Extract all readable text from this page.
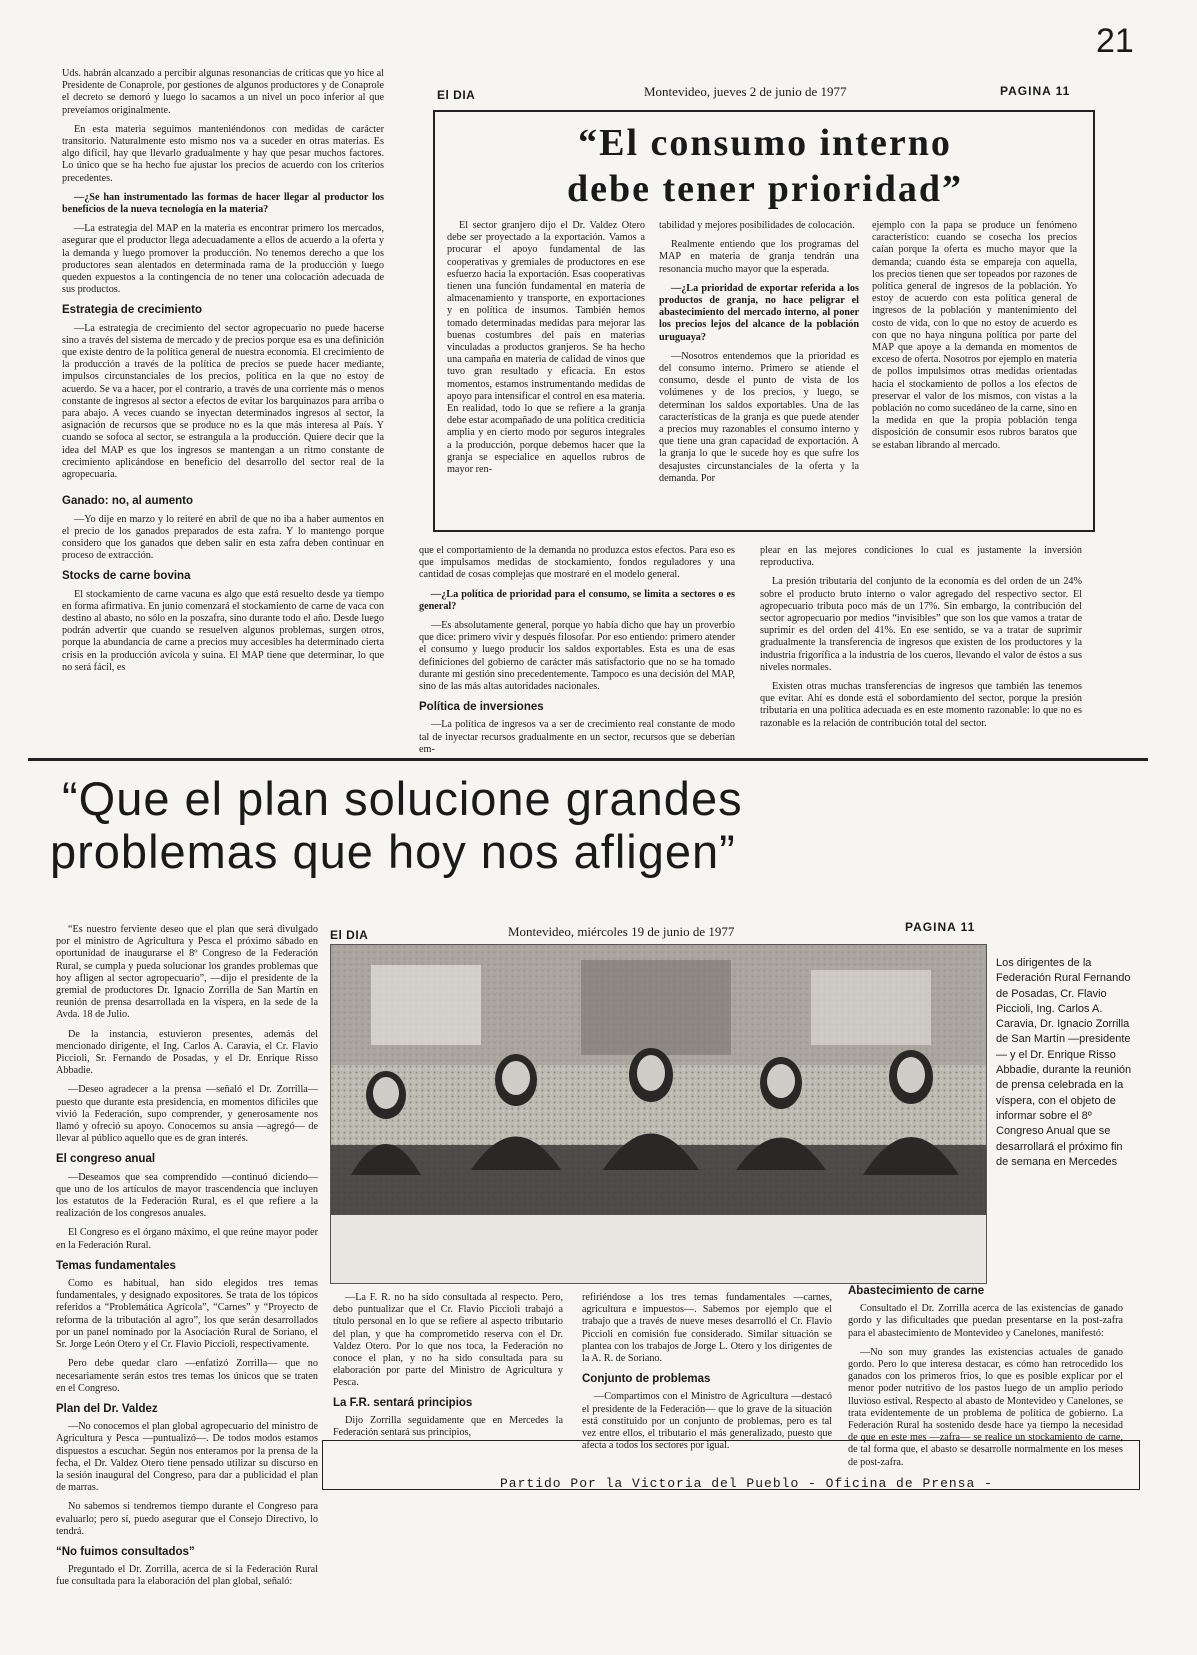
21

Uds. habrán alcanzado a percibir algunas resonancias de críticas que yo hice al Presidente de Conaprole, por gestiones de algunos productores y de Conaprole el decreto se demoró y luego lo sacamos a un nivel un poco inferior al que preveíamos originalmente.

En esta materia seguimos manteniéndonos con medidas de carácter transitorio. Naturalmente esto mismo nos va a suceder en otras materias. Es algo difícil, hay que llevarlo gradualmente y hay que pesar muchos factores. Lo único que se ha hecho fue ajustar los precios de acuerdo con los criterios precedentes.

—¿Se han instrumentado las formas de hacer llegar al productor los beneficios de la nueva tecnología en la materia?

—La estrategia del MAP en la materia es encontrar primero los mercados, asegurar que el productor llega adecuadamente a ellos de acuerdo a la oferta y la demanda y luego promover la producción. No tenemos derecho a que los productores sean alentados en determinada rama de la producción y luego queden expuestos a la contingencia de no tener una colocación adecuada de sus productos.

Estrategia de crecimiento

—La estrategia de crecimiento del sector agropecuario no puede hacerse sino a través del sistema de mercado y de precios porque esa es una definición que existe dentro de la política general de nuestra economía. El crecimiento de la producción a través de la política de precios se puede hacer mediante, impulsos circunstanciales de los precios, política en la que no estoy de acuerdo. Se va a hacer, por el contrario, a través de una corriente más o menos constante de ingresos al sector a efectos de evitar los barquinazos para arriba o para abajo. A veces cuando se inyectan determinados ingresos al sector, la asignación de recursos que se produce no es la que más interesa al País. Y cuando se sofoca al sector, se estrangula a la producción. Quiere decir que la idea del MAP es que los ingresos se mantengan a un ritmo constante de crecimiento aplicándose en beneficio del desarrollo del sector real de la agropecuaria.

Ganado: no, al aumento

—Yo dije en marzo y lo reiteré en abril de que no iba a haber aumentos en el precio de los ganados preparados de esta zafra. Y lo mantengo porque considero que los ganados que deben salir en esta zafra deben continuar en proceso de extracción.

Stocks de carne bovina

El stockamiento de carne vacuna es algo que está resuelto desde ya tiempo en forma afirmativa. En junio comenzará el stockamiento de carne de vaca con destino al abasto, no sólo en la poszafra, sino durante todo el año. Desde luego podrán advertir que cuando se resuelven algunos problemas, surgen otros, porque la abundancia de carne a precios muy accesibles ha determinado cierta crisis en la producción avícola y suina. El MAP tiene que determinar, lo que no será fácil, es

El DIA	Montevideo, jueves 2 de junio de 1977	PAGINA 11
“El consumo interno
debe tener prioridad”

El sector granjero dijo el Dr. Valdez Otero debe ser proyectado a la exportación. Vamos a procurar el apoyo fundamental de las cooperativas y gremiales de productores en ese esfuerzo hacia la exportación. Esas cooperativas tienen una función fundamental en materia de almacenamiento y transporte, en exportaciones y en política de insumos. También hemos tomado determinadas medidas para mejorar las buenas costumbres del país en materias vinculadas a productos granjeros. Se ha hecho una campaña en materia de calidad de vinos que tuvo gran resultado y eficacia. En estos momentos, estamos instrumentando medidas de apoyo para intensificar el control en esa materia. En realidad, todo lo que se refiere a la granja debe estar acompañado de una política crediticia amplia y en cierto modo por seguros integrales a la producción, porque debemos hacer que la granja se especialice en aquellos rubros de mayor ren-

tabilidad y mejores posibilidades de colocación.

Realmente entiendo que los programas del MAP en materia de granja tendrán una resonancia mucho mayor que la esperada.

—¿La prioridad de exportar referida a los productos de granja, no hace peligrar el abastecimiento del mercado interno, al poner los precios lejos del alcance de la población uruguaya?

—Nosotros entendemos que la prioridad es del consumo interno. Primero se atiende el consumo, desde el punto de vista de los volúmenes y de los precios, y luego, se determinan los saldos exportables. Una de las características de la granja es que puede atender a precios muy razonables el consumo interno y que tiene una gran capacidad de exportación. A la granja lo que le sucede hoy es que sufre los desajustes circunstanciales de la oferta y la demanda. Por

ejemplo con la papa se produce un fenómeno característico: cuando se cosecha los precios caían porque la oferta es mucho mayor que la demanda; cuando ésta se empareja con aquella, los precios tienen que ser topeados por razones de política general de ingresos de la población. Yo estoy de acuerdo con esta política general de ingresos de la población y mantenimiento del costo de vida, con lo que no estoy de acuerdo es con que no haya ninguna política por parte del MAP que apoye a la demanda en momentos de exceso de oferta. Nosotros por ejemplo en materia de pollos impulsimos otras medidas orientadas hacia el stockamiento de pollos a los efectos de preservar el valor de los mismos, con vistas a la población no como sucedáneo de la carne, sino en la medida en que la propia población tenga disposición de consumir esos rubros baratos que se estaban librando al mercado.

que el comportamiento de la demanda no produzca estos efectos. Para eso es que impulsamos medidas de stockamiento, fondos reguladores y una cantidad de cosas complejas que mostraré en el modelo general.

—¿La política de prioridad para el consumo, se limita a sectores o es general?

—Es absolutamente general, porque yo había dicho que hay un proverbio que dice: primero vivir y después filosofar. Por eso entiendo: primero atender el consumo y luego producir los saldos exportables. Esta es una de esas definiciones del gobierno de carácter más satisfactorio que no se ha tomado durante mi gestión sino precedentemente. Tampoco es una decisión del MAP, sino de las más altas autoridades nacionales.

Política de inversiones

—La política de ingresos va a ser de crecimiento real constante de modo tal de inyectar recursos gradualmente en un sector, recursos que se deberían em-

plear en las mejores condiciones lo cual es justamente la inversión reproductiva.

La presión tributaria del conjunto de la economía es del orden de un 24% sobre el producto bruto interno o valor agregado del respectivo sector. El agropecuario tributa poco más de un 17%. Sin embargo, la contribución del sector agropecuario por medios “invisibles” que son los que vamos a tratar de suprimir es del orden del 41%. En ese sentido, se va a tratar de suprimir gradualmente la transferencia de ingresos que existen de los productores y la industria frigorífica a la industria de los cueros, llevando el valor de éstos a sus niveles normales.

Existen otras muchas transferencias de ingresos que también las tenemos que evitar. Ahí es donde está el sobordamiento del sector, porque la presión tributaria en una política adecuada es en este momento razonable: lo que no es razonable es la relación de contribución total del sector.

“Que el plan solucione grandes
problemas que hoy nos afligen”
El DIA	Montevideo, miércoles 19 de junio de 1977	PAGINA 11

“Es nuestro ferviente deseo que el plan que será divulgado por el ministro de Agricultura y Pesca el próximo sábado en oportunidad de inaugurarse el 8º Congreso de la Federación Rural, se cumpla y pueda solucionar los grandes problemas que hoy afligen al sector agropecuario”, —dijo el presidente de la gremial de productores Dr. Ignacio Zorrilla de San Martín en reunión de prensa desarrollada en la víspera, en la sede de la Avda. 18 de Julio.

De la instancia, estuvieron presentes, además del mencionado dirigente, el Ing. Carlos A. Caravia, el Cr. Flavio Piccioli, Sr. Fernando de Posadas, y el Dr. Enrique Risso Abbadie.

—Deseo agradecer a la prensa —señaló el Dr. Zorrilla— puesto que durante esta presidencia, en momentos difíciles que vivió la Federación, supo comprender, y generosamente nos llamó y ofreció su apoyo. Conocemos su ansia —agregó— de llevar al público aquello que es de gran interés.

El congreso anual

—Deseamos que sea comprendido —continuó diciendo— que uno de los artículos de mayor trascendencia que incluyen los estatutos de la Federación Rural, es el que refiere a la realización de los congresos anuales.

El Congreso es el órgano máximo, el que reúne mayor poder en la Federación Rural.

Temas fundamentales

Como es habitual, han sido elegidos tres temas fundamentales, y designado expositores. Se trata de los tópicos referidos a “Problemática Agrícola”, “Carnes” y “Proyecto de reforma de la tributación al agro”, los que serán desarrollados por un panel nominado por la Asociación Rural de Soriano, el Sr. Jorge León Otero y el Cr. Flavio Piccioli, respectivamente.

Pero debe quedar claro —enfatizó Zorrilla— que no necesariamente serán estos tres temas los únicos que se traten en el Congreso.

Plan del Dr. Valdez

—No conocemos el plan global agropecuario del ministro de Agricultura y Pesca —puntualizó—. De todos modos estamos dispuestos a escuchar. Según nos enteramos por la prensa de la fecha, el Dr. Valdez Otero tiene pensado utilizar su discurso en la sesión inaugural del Congreso, para dar a publicidad el plan de marras.

No sabemos si tendremos tiempo durante el Congreso para evaluarlo; pero sí, puedo asegurar que el Consejo Directivo, lo tendrá.

“No fuimos consultados”

Preguntado el Dr. Zorrilla, acerca de si la Federación Rural fue consultada para la elaboración del plan global, señaló:

Los dirigentes de la Federación Rural Fernando de Posadas, Cr. Flavio Piccioli, Ing. Carlos A. Caravia, Dr. Ignacio Zorrilla de San Martín —presidente— y el Dr. Enrique Risso Abbadie, durante la reunión de prensa celebrada en la víspera, con el objeto de informar sobre el 8º Congreso Anual que se desarrollará el próximo fin de semana en Mercedes

—La F. R. no ha sido consultada al respecto. Pero, debo puntualizar que el Cr. Flavio Piccioli trabajó a título personal en lo que se refiere al aspecto tributario del plan, y que ha comprometido reserva con el Dr. Valdez Otero. Por lo que nos toca, la Federación no conoce el plan, y no ha sido consultada para su elaboración por parte del Ministro de Agricultura y Pesca.

La F.R. sentará principios

Dijo Zorrilla seguidamente que en Mercedes la Federación sentará sus principios,

refiriéndose a los tres temas fundamentales —carnes, agricultura e impuestos—. Sabemos por ejemplo que el trabajo que a través de nueve meses desarrolló el Cr. Flavio Piccioli en comisión fue considerado. Similar situación se plantea con los trabajos de Jorge L. Otero y los dirigentes de la A. R. de Soriano.

Conjunto de problemas

—Compartimos con el Ministro de Agricultura —destacó el presidente de la Federación— que lo grave de la situación está constituido por un conjunto de problemas, pero es tal vez entre ellos, el tributario el más generalizado, puesto que afecta a todos los sectores por igual.

Abastecimiento de carne

Consultado el Dr. Zorrilla acerca de las existencias de ganado gordo y las dificultades que puedan presentarse en la post-zafra para el abastecimiento de Montevideo y Canelones, manifestó:

—No son muy grandes las existencias actuales de ganado gordo. Pero lo que interesa destacar, es cómo han retrocedido los ganados con los primeros fríos, lo que es posible explicar por el menor poder nutritivo de los pastos luego de un amplio período lluvioso estival. Respecto al abasto de Montevideo y Canelones, se trata evidentemente de un problema de política de gobierno. La Federación Rural ha sostenido desde hace ya tiempo la necesidad de que en este mes —zafra— se realice un stockamiento de carne, de tal forma que, el abasto se desarrolle normalmente en los meses de post-zafra.

Partido Por la Victoria del Pueblo - Oficina de Prensa -
